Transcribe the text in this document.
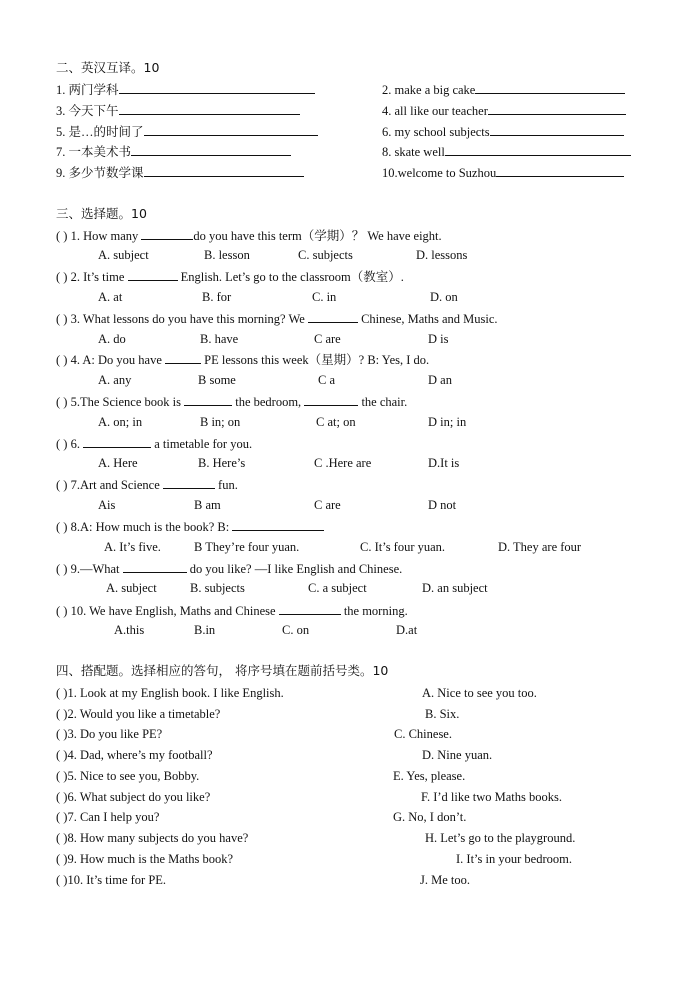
二、英汉互译。10
1. 两门学科	2. make a big cake
3. 今天下午	4. all like our teacher
5. 是…的时间了	6. my school subjects
7. 一本美术书	8. skate well
9. 多少节数学课	10.welcome to Suzhou
三、选择题。10
( ) 1. How many	do you have this term（学期）？ We have eight.
A. subject	B. lesson	C. subjects	D. lessons
( ) 2. It’s time	English. Let’s go to the classroom（教室）.
A. at	B. for	C. in	D. on
( ) 3. What lessons do you have this morning? We	Chinese, Maths and Music.
A. do	B. have	C are	D is
( ) 4. A: Do you have	PE lessons this week（星期）? B: Yes, I do.
A. any	B some	C a	D an
( ) 5.The Science book is	the bedroom,	the chair.
A. on; in	B in; on	C at; on	D in; in
( ) 6.	a timetable for you.
A. Here	B. Here’s	C .Here are	D.It is
( ) 7.Art and Science	fun.
Ais	B am	C are	D not
( ) 8.A: How much is the book? B:
A. It’s five.	B They’re four yuan.	C. It’s four yuan.	D. They are four
( ) 9.—What	do you like? —I like English and Chinese.
A. subject	B. subjects	C. a subject	D. an subject
( ) 10. We have English, Maths and Chinese	the morning.
A.this	B.in	C. on	D.at
四、搭配题。选择相应的答句， 将序号填在题前括号类。10
( )1. Look at my English book. I like English.	A. Nice to see you too.
( )2. Would you like a timetable?	B. Six.
( )3. Do you like PE?	C. Chinese.
( )4. Dad, where’s my football?	D. Nine yuan.
( )5. Nice to see you, Bobby.	E. Yes, please.
( )6. What subject do you like?	F. I’d like two Maths books.
( )7. Can I help you?	G. No, I don’t.
( )8. How many subjects do you have?	H. Let’s go to the playground.
( )9. How much is the Maths book?	I. It’s in your bedroom.
( )10. It’s time for PE.	J. Me too.
